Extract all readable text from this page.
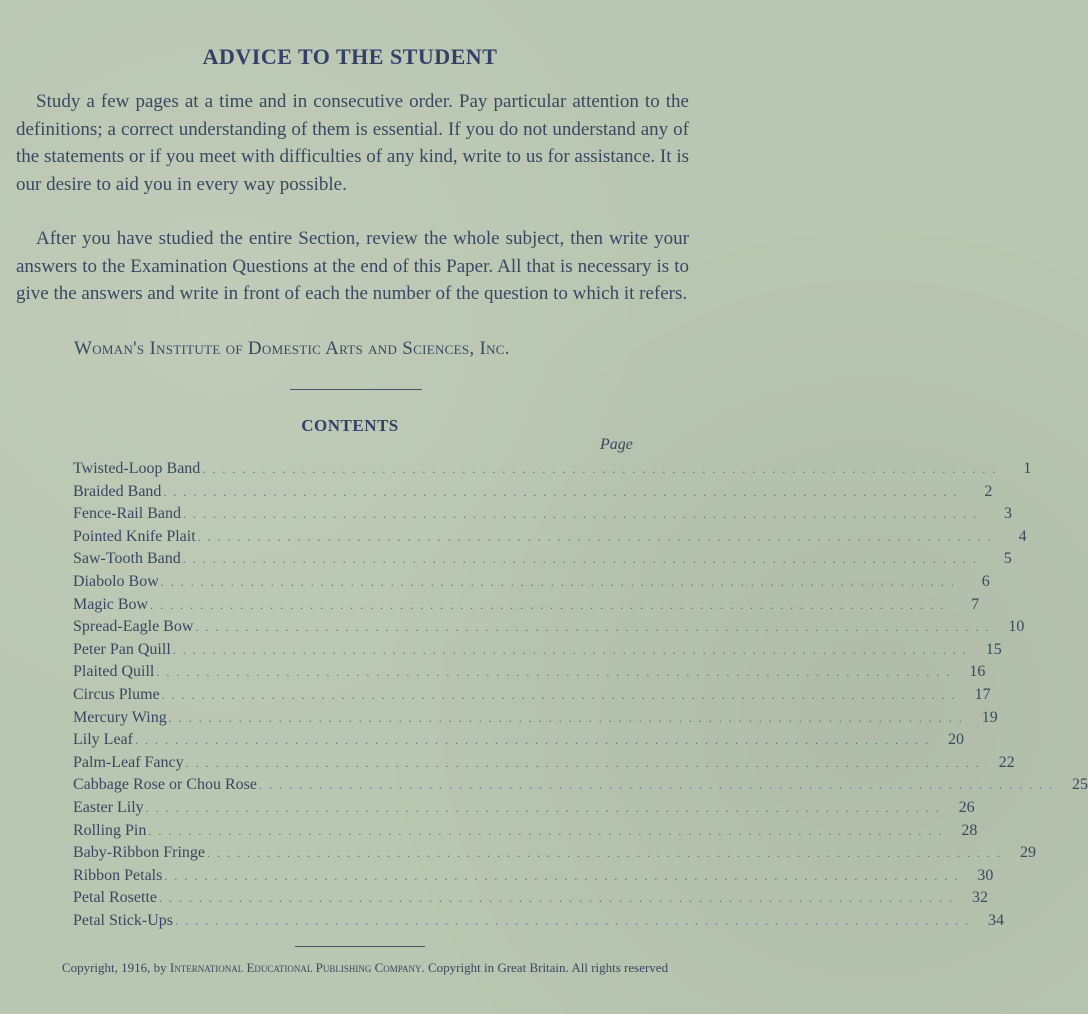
ADVICE TO THE STUDENT

Study a few pages at a time and in consecutive order. Pay particular attention to the definitions; a correct understanding of them is essential. If you do not understand any of the statements or if you meet with difficulties of any kind, write to us for assistance. It is our desire to aid you in every way possible.

After you have studied the entire Section, review the whole subject, then write your answers to the Examination Questions at the end of this Paper. All that is necessary is to give the answers and write in front of each the number of the question to which it refers.

Woman's Institute of Domestic Arts and Sciences, Inc.
CONTENTS
Page
Twisted-Loop Band . . . . . . . . . . . . . . . . . . . . . . . . . . . . . . . . . . . . . . . . . . . . . . . . . . . . . . . . . . . . . . . . . . . . . . . . . . . . . . . .	1
Braided Band . . . . . . . . . . . . . . . . . . . . . . . . . . . . . . . . . . . . . . . . . . . . . . . . . . . . . . . . . . . . . . . . . . . . . . . . . . . . . . . .	2
Fence-Rail Band . . . . . . . . . . . . . . . . . . . . . . . . . . . . . . . . . . . . . . . . . . . . . . . . . . . . . . . . . . . . . . . . . . . . . . . . . . . . . . . .	3
Pointed Knife Plait . . . . . . . . . . . . . . . . . . . . . . . . . . . . . . . . . . . . . . . . . . . . . . . . . . . . . . . . . . . . . . . . . . . . . . . . . . . . . . . .	4
Saw-Tooth Band . . . . . . . . . . . . . . . . . . . . . . . . . . . . . . . . . . . . . . . . . . . . . . . . . . . . . . . . . . . . . . . . . . . . . . . . . . . . . . . .	5
Diabolo Bow . . . . . . . . . . . . . . . . . . . . . . . . . . . . . . . . . . . . . . . . . . . . . . . . . . . . . . . . . . . . . . . . . . . . . . . . . . . . . . . .	6
Magic Bow . . . . . . . . . . . . . . . . . . . . . . . . . . . . . . . . . . . . . . . . . . . . . . . . . . . . . . . . . . . . . . . . . . . . . . . . . . . . . . . .	7
Spread-Eagle Bow . . . . . . . . . . . . . . . . . . . . . . . . . . . . . . . . . . . . . . . . . . . . . . . . . . . . . . . . . . . . . . . . . . . . . . . . . . . . . . . .	10
Peter Pan Quill . . . . . . . . . . . . . . . . . . . . . . . . . . . . . . . . . . . . . . . . . . . . . . . . . . . . . . . . . . . . . . . . . . . . . . . . . . . . . . . .	15
Plaited Quill . . . . . . . . . . . . . . . . . . . . . . . . . . . . . . . . . . . . . . . . . . . . . . . . . . . . . . . . . . . . . . . . . . . . . . . . . . . . . . . .	16
Circus Plume . . . . . . . . . . . . . . . . . . . . . . . . . . . . . . . . . . . . . . . . . . . . . . . . . . . . . . . . . . . . . . . . . . . . . . . . . . . . . . . .	17
Mercury Wing . . . . . . . . . . . . . . . . . . . . . . . . . . . . . . . . . . . . . . . . . . . . . . . . . . . . . . . . . . . . . . . . . . . . . . . . . . . . . . . .	19
Lily Leaf . . . . . . . . . . . . . . . . . . . . . . . . . . . . . . . . . . . . . . . . . . . . . . . . . . . . . . . . . . . . . . . . . . . . . . . . . . . . . . . .	20
Palm-Leaf Fancy . . . . . . . . . . . . . . . . . . . . . . . . . . . . . . . . . . . . . . . . . . . . . . . . . . . . . . . . . . . . . . . . . . . . . . . . . . . . . . . .	22
Cabbage Rose or Chou Rose . . . . . . . . . . . . . . . . . . . . . . . . . . . . . . . . . . . . . . . . . . . . . . . . . . . . . . . . . . . . . . . . . . . . . . . . . . . . . . . .	25
Easter Lily . . . . . . . . . . . . . . . . . . . . . . . . . . . . . . . . . . . . . . . . . . . . . . . . . . . . . . . . . . . . . . . . . . . . . . . . . . . . . . . .	26
Rolling Pin . . . . . . . . . . . . . . . . . . . . . . . . . . . . . . . . . . . . . . . . . . . . . . . . . . . . . . . . . . . . . . . . . . . . . . . . . . . . . . . .	28
Baby-Ribbon Fringe . . . . . . . . . . . . . . . . . . . . . . . . . . . . . . . . . . . . . . . . . . . . . . . . . . . . . . . . . . . . . . . . . . . . . . . . . . . . . . . .	29
Ribbon Petals . . . . . . . . . . . . . . . . . . . . . . . . . . . . . . . . . . . . . . . . . . . . . . . . . . . . . . . . . . . . . . . . . . . . . . . . . . . . . . . .	30
Petal Rosette . . . . . . . . . . . . . . . . . . . . . . . . . . . . . . . . . . . . . . . . . . . . . . . . . . . . . . . . . . . . . . . . . . . . . . . . . . . . . . . .	32
Petal Stick-Ups . . . . . . . . . . . . . . . . . . . . . . . . . . . . . . . . . . . . . . . . . . . . . . . . . . . . . . . . . . . . . . . . . . . . . . . . . . . . . . . .	34
Copyright, 1916, by International Educational Publishing Company. Copyright in Great Britain. All rights reserved
